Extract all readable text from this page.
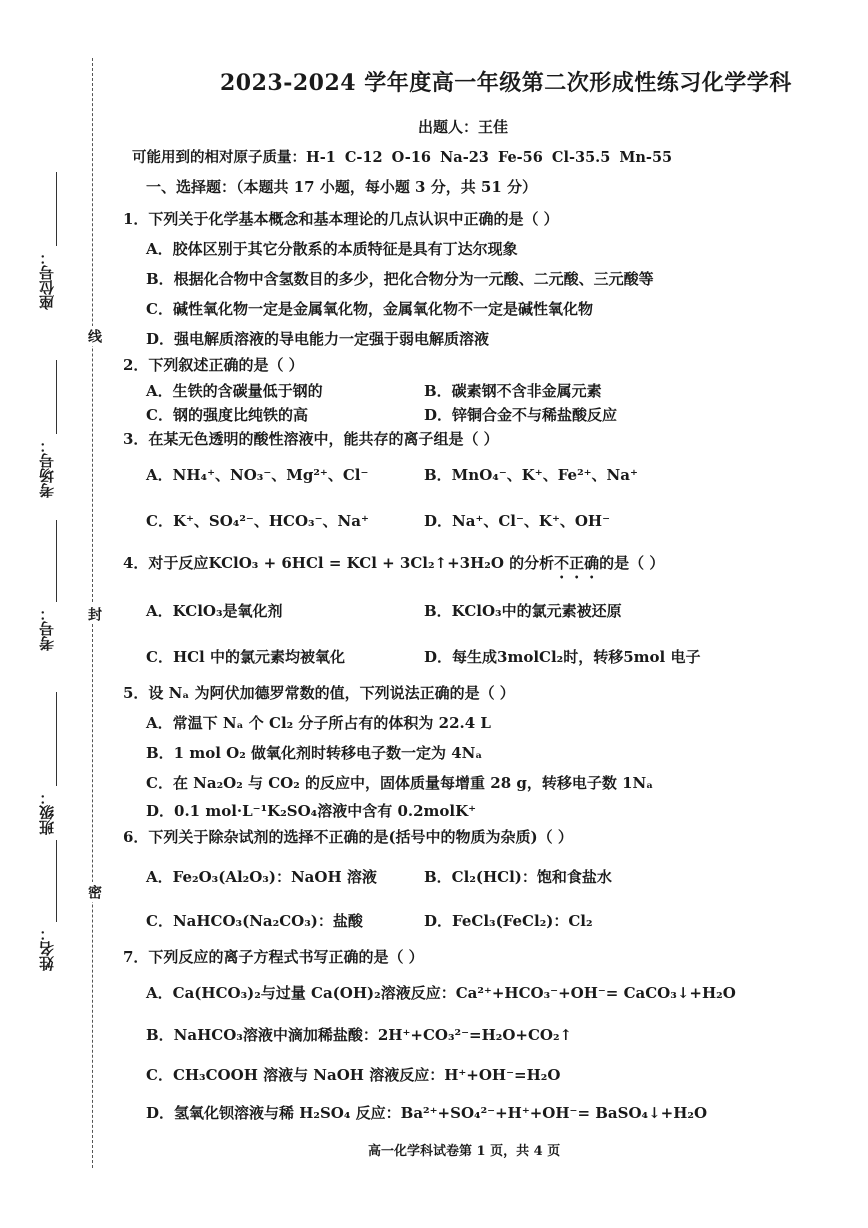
座位号：
考场号：
考号：
班级：
姓名：
线
封
密
2023-2024 学年度高一年级第二次形成性练习化学学科
出题人：王佳
可能用到的相对原子质量：H-1 C-12 O-16 Na-23 Fe-56 Cl-35.5 Mn-55
一、选择题：（本题共 17 小题，每小题 3 分，共 51 分）
1．下列关于化学基本概念和基本理论的几点认识中正确的是（ ）
A．胶体区别于其它分散系的本质特征是具有丁达尔现象
B．根据化合物中含氢数目的多少，把化合物分为一元酸、二元酸、三元酸等
C．碱性氧化物一定是金属氧化物，金属氧化物不一定是碱性氧化物
D．强电解质溶液的导电能力一定强于弱电解质溶液
2．下列叙述正确的是（ ）
A．生铁的含碳量低于钢的	B．碳素钢不含非金属元素
C．钢的强度比纯铁的高	D．锌铜合金不与稀盐酸反应
3．在某无色透明的酸性溶液中，能共存的离子组是（ ）
A．NH₄⁺、NO₃⁻、Mg²⁺、Cl⁻	B．MnO₄⁻、K⁺、Fe²⁺、Na⁺
C．K⁺、SO₄²⁻、HCO₃⁻、Na⁺	D．Na⁺、Cl⁻、K⁺、OH⁻
4．对于反应KClO₃ + 6HCl = KCl + 3Cl₂↑+3H₂O 的分析不正确的是（ ）
A．KClO₃是氧化剂	B．KClO₃中的氯元素被还原
C．HCl 中的氯元素均被氧化	D．每生成3molCl₂时，转移5mol 电子
5．设 Nₐ 为阿伏加德罗常数的值，下列说法正确的是（ ）
A．常温下 Nₐ 个 Cl₂ 分子所占有的体积为 22.4 L
B．1 mol O₂ 做氧化剂时转移电子数一定为 4Nₐ
C．在 Na₂O₂ 与 CO₂ 的反应中，固体质量每增重 28 g，转移电子数 1Nₐ
D．0.1 mol·L⁻¹K₂SO₄溶液中含有 0.2molK⁺
6．下列关于除杂试剂的选择不正确的是(括号中的物质为杂质)（ ）
A．Fe₂O₃(Al₂O₃)：NaOH 溶液	B．Cl₂(HCl)：饱和食盐水
C．NaHCO₃(Na₂CO₃)：盐酸	D．FeCl₃(FeCl₂)：Cl₂
7．下列反应的离子方程式书写正确的是（ ）
A．Ca(HCO₃)₂与过量 Ca(OH)₂溶液反应：Ca²⁺+HCO₃⁻+OH⁻= CaCO₃↓+H₂O
B．NaHCO₃溶液中滴加稀盐酸：2H⁺+CO₃²⁻=H₂O+CO₂↑
C．CH₃COOH 溶液与 NaOH 溶液反应：H⁺+OH⁻=H₂O
D．氢氧化钡溶液与稀 H₂SO₄ 反应：Ba²⁺+SO₄²⁻+H⁺+OH⁻= BaSO₄↓+H₂O
高一化学科试卷第 1 页，共 4 页
